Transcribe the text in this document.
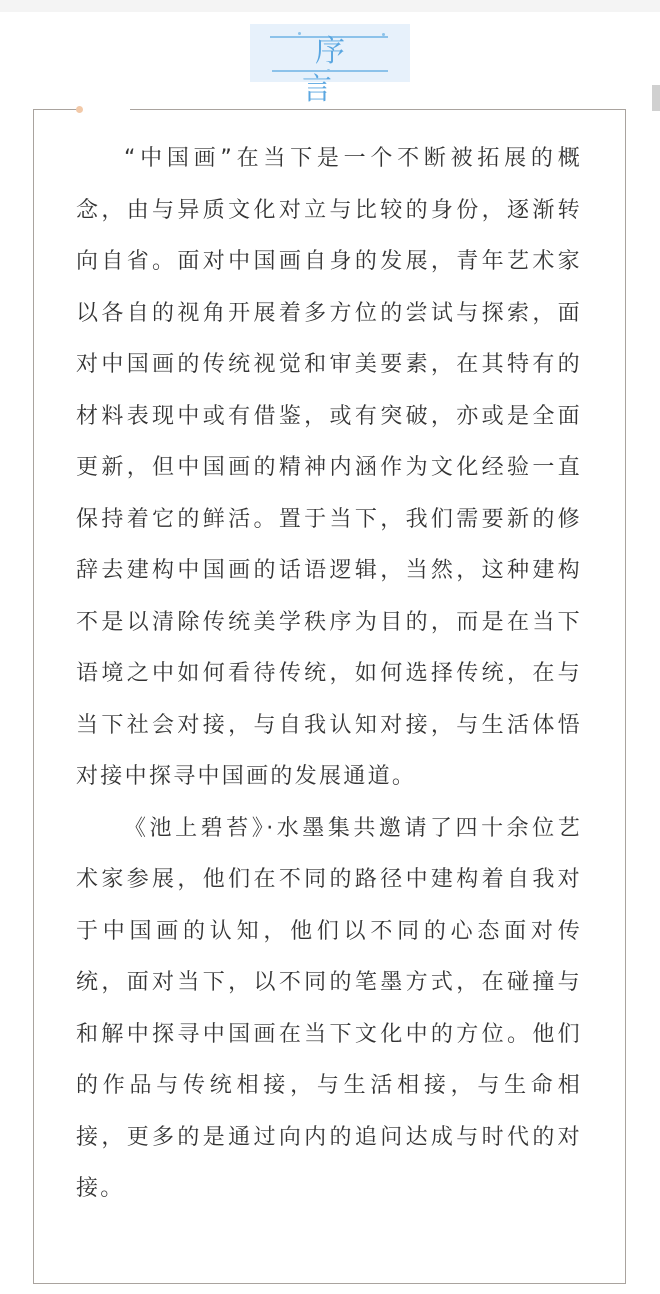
序 言

“中国画”在当下是一个不断被拓展的概念，由与异质文化对立与比较的身份，逐渐转向自省。面对中国画自身的发展，青年艺术家以各自的视角开展着多方位的尝试与探索，面对中国画的传统视觉和审美要素，在其特有的材料表现中或有借鉴，或有突破，亦或是全面更新，但中国画的精神内涵作为文化经验一直保持着它的鲜活。置于当下，我们需要新的修辞去建构中国画的话语逻辑，当然，这种建构不是以清除传统美学秩序为目的，而是在当下语境之中如何看待传统，如何选择传统，在与当下社会对接，与自我认知对接，与生活体悟对接中探寻中国画的发展通道。

《池上碧苔》·水墨集共邀请了四十余位艺术家参展，他们在不同的路径中建构着自我对于中国画的认知，他们以不同的心态面对传统，面对当下，以不同的笔墨方式，在碰撞与和解中探寻中国画在当下文化中的方位。他们的作品与传统相接，与生活相接，与生命相接，更多的是通过向内的追问达成与时代的对接。
